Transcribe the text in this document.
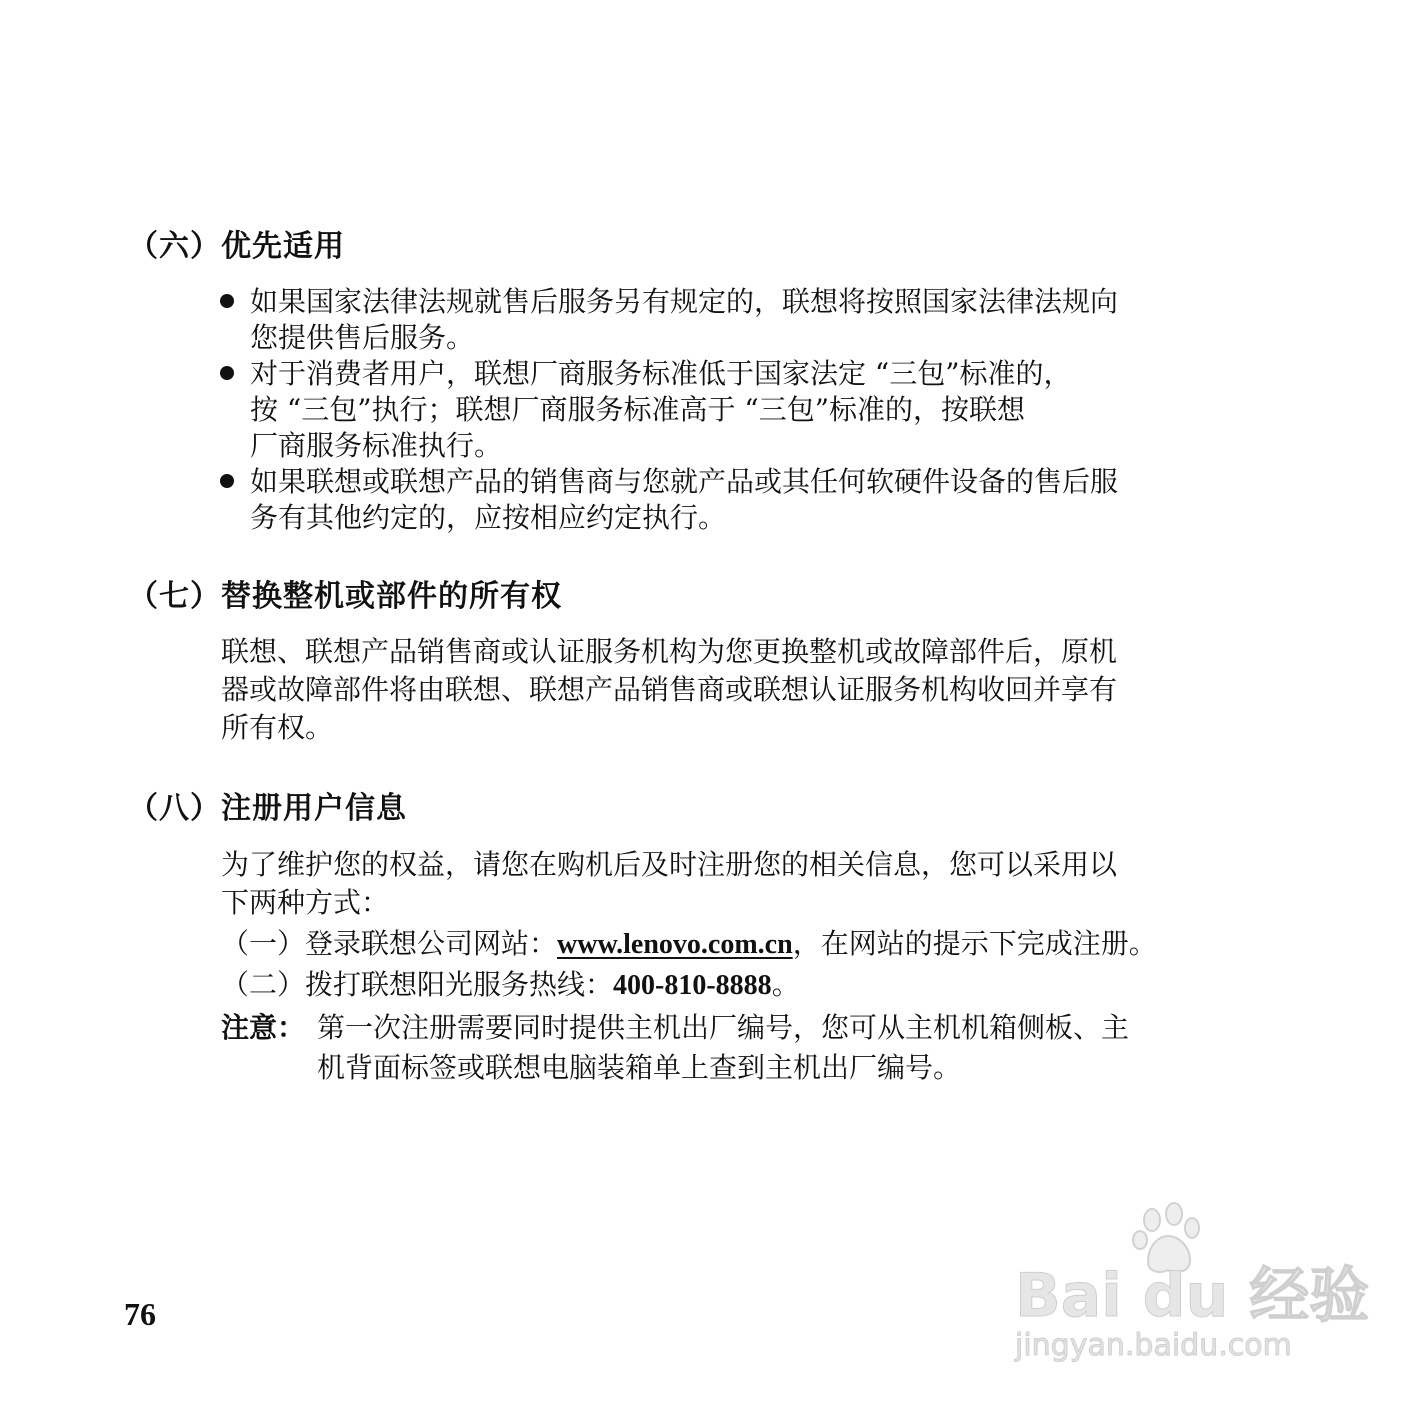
（六）优先适用
如果国家法律法规就售后服务另有规定的，联想将按照国家法律法规向
您提供售后服务。
对于消费者用户，联想厂商服务标准低于国家法定 “三包”标准的，
按 “三包”执行；联想厂商服务标准高于 “三包”标准的，按联想
厂商服务标准执行。
如果联想或联想产品的销售商与您就产品或其任何软硬件设备的售后服
务有其他约定的，应按相应约定执行。
（七）替换整机或部件的所有权
联想、联想产品销售商或认证服务机构为您更换整机或故障部件后，原机
器或故障部件将由联想、联想产品销售商或联想认证服务机构收回并享有
所有权。
（八）注册用户信息
为了维护您的权益，请您在购机后及时注册您的相关信息，您可以采用以
下两种方式：
（一）登录联想公司网站：www.lenovo.com.cn，在网站的提示下完成注册。
（二）拨打联想阳光服务热线：400-810-8888。
注意： 第一次注册需要同时提供主机出厂编号，您可从主机机箱侧板、主
机背面标签或联想电脑装箱单上查到主机出厂编号。
76	Bai du 经验
jingyan.baidu.com
